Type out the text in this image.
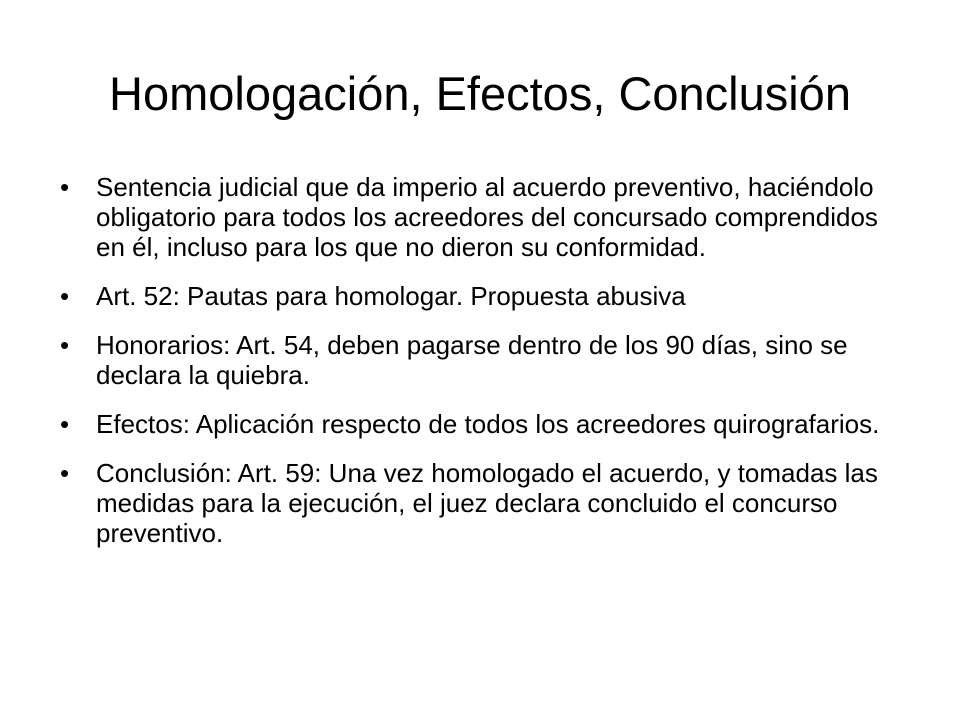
Homologación, Efectos, Conclusión
• Sentencia judicial que da imperio al acuerdo preventivo, haciéndolo obligatorio para todos los acreedores del concursado comprendidos en él, incluso para los que no dieron su conformidad.
• Art. 52: Pautas para homologar. Propuesta abusiva
• Honorarios: Art. 54, deben pagarse dentro de los 90 días, sino se declara la quiebra.
• Efectos: Aplicación respecto de todos los acreedores quirografarios.
• Conclusión: Art. 59: Una vez homologado el acuerdo, y tomadas las medidas para la ejecución, el juez declara concluido el concurso preventivo.
